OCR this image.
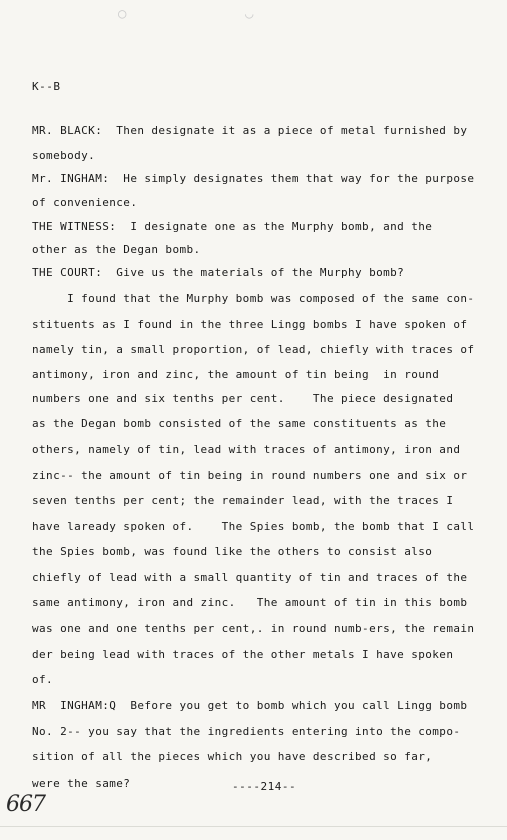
○	◡
K--B
MR. BLACK:  Then designate it as a piece of metal furnished by
somebody.
Mr. INGHAM:  He simply designates them that way for the purpose
of convenience.
THE WITNESS:  I designate one as the Murphy bomb, and the
other as the Degan bomb.
THE COURT:  Give us the materials of the Murphy bomb?
I found that the Murphy bomb was composed of the same con-
stituents as I found in the three Lingg bombs I have spoken of
namely tin, a small proportion, of lead, chiefly with traces of
antimony, iron and zinc, the amount of tin being  in round
numbers one and six tenths per cent.    The piece designated
as the Degan bomb consisted of the same constituents as the
others, namely of tin, lead with traces of antimony, iron and
zinc-- the amount of tin being in round numbers one and six or
seven tenths per cent; the remainder lead, with the traces I
have laready spoken of.    The Spies bomb, the bomb that I call
the Spies bomb, was found like the others to consist also
chiefly of lead with a small quantity of tin and traces of the
same antimony, iron and zinc.   The amount of tin in this bomb
was one and one tenths per cent,. in round numb-ers, the remain
der being lead with traces of the other metals I have spoken
of.
MR  INGHAM:Q  Before you get to bomb which you call Lingg bomb
No. 2-- you say that the ingredients entering into the compo-
sition of all the pieces which you have described so far,
were the same?	----214--
667
